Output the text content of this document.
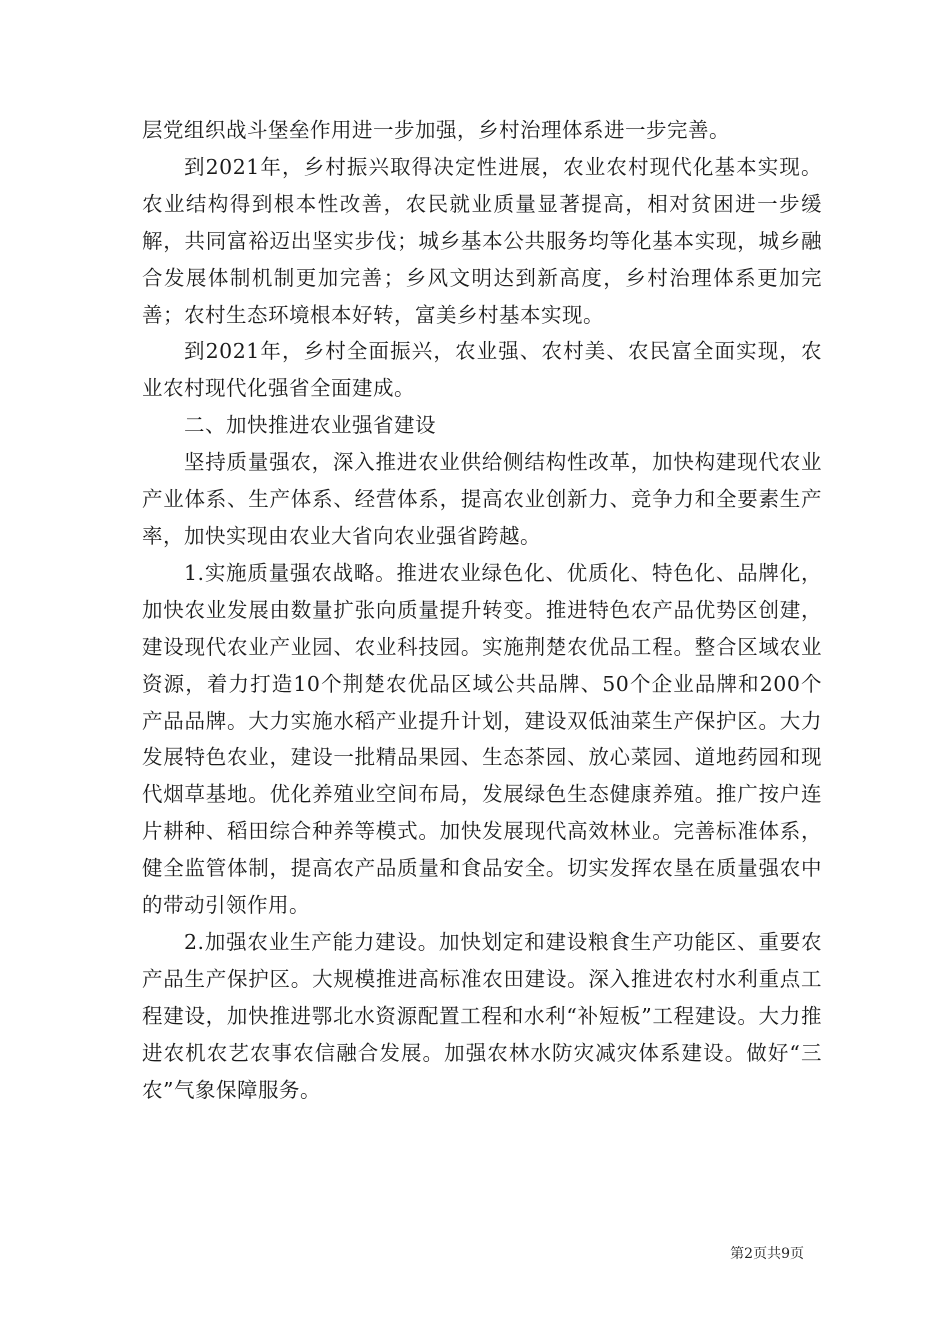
层党组织战斗堡垒作用进一步加强，乡村治理体系进一步完善。

到2021年，乡村振兴取得决定性进展，农业农村现代化基本实现。农业结构得到根本性改善，农民就业质量显著提高，相对贫困进一步缓解，共同富裕迈出坚实步伐；城乡基本公共服务均等化基本实现，城乡融合发展体制机制更加完善；乡风文明达到新高度，乡村治理体系更加完善；农村生态环境根本好转，富美乡村基本实现。

到2021年，乡村全面振兴，农业强、农村美、农民富全面实现，农业农村现代化强省全面建成。

二、加快推进农业强省建设

坚持质量强农，深入推进农业供给侧结构性改革，加快构建现代农业产业体系、生产体系、经营体系，提高农业创新力、竞争力和全要素生产率，加快实现由农业大省向农业强省跨越。

1.实施质量强农战略。推进农业绿色化、优质化、特色化、品牌化，加快农业发展由数量扩张向质量提升转变。推进特色农产品优势区创建，建设现代农业产业园、农业科技园。实施荆楚农优品工程。整合区域农业资源，着力打造10个荆楚农优品区域公共品牌、50个企业品牌和200个产品品牌。大力实施水稻产业提升计划，建设双低油菜生产保护区。大力发展特色农业，建设一批精品果园、生态茶园、放心菜园、道地药园和现代烟草基地。优化养殖业空间布局，发展绿色生态健康养殖。推广按户连片耕种、稻田综合种养等模式。加快发展现代高效林业。完善标准体系，健全监管体制，提高农产品质量和食品安全。切实发挥农垦在质量强农中的带动引领作用。

2.加强农业生产能力建设。加快划定和建设粮食生产功能区、重要农产品生产保护区。大规模推进高标准农田建设。深入推进农村水利重点工程建设，加快推进鄂北水资源配置工程和水利“补短板”工程建设。大力推进农机农艺农事农信融合发展。加强农林水防灾减灾体系建设。做好“三农”气象保障服务。

第2页共9页
